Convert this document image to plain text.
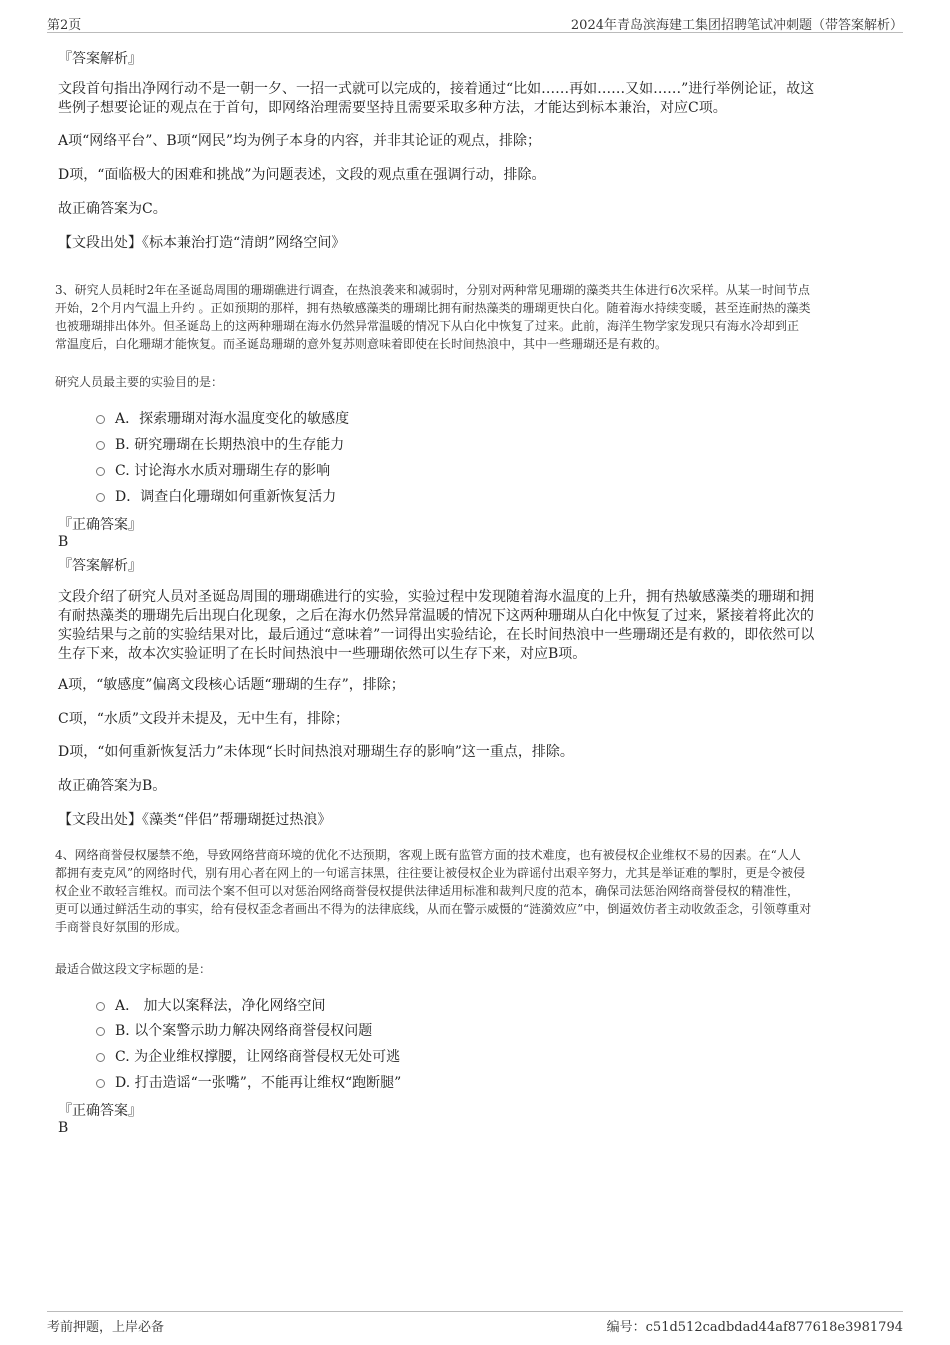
第2页	2024年青岛滨海建工集团招聘笔试冲刺题（带答案解析）
『答案解析』
文段首句指出净网行动不是一朝一夕、一招一式就可以完成的，接着通过“比如……再如……又如……”进行举例论证，故这
些例子想要论证的观点在于首句，即网络治理需要坚持且需要采取多种方法，才能达到标本兼治，对应C项。
A项“网络平台”、B项“网民”均为例子本身的内容，并非其论证的观点，排除；
D项，“面临极大的困难和挑战”为问题表述，文段的观点重在强调行动，排除。
故正确答案为C。
【文段出处】《标本兼治打造“清朗”网络空间》
3、研究人员耗时2年在圣诞岛周围的珊瑚礁进行调查，在热浪袭来和减弱时，分别对两种常见珊瑚的藻类共生体进行6次采样。从某一时间节点
开始，2个月内气温上升约 。正如预期的那样，拥有热敏感藻类的珊瑚比拥有耐热藻类的珊瑚更快白化。随着海水持续变暖，甚至连耐热的藻类
也被珊瑚排出体外。但圣诞岛上的这两种珊瑚在海水仍然异常温暖的情况下从白化中恢复了过来。此前，海洋生物学家发现只有海水冷却到正
常温度后，白化珊瑚才能恢复。而圣诞岛珊瑚的意外复苏则意味着即使在长时间热浪中，其中一些珊瑚还是有救的。
研究人员最主要的实验目的是：
A．探索珊瑚对海水温度变化的敏感度
B. 研究珊瑚在长期热浪中的生存能力
C. 讨论海水水质对珊瑚生存的影响
D．调查白化珊瑚如何重新恢复活力
『正确答案』
B
『答案解析』
文段介绍了研究人员对圣诞岛周围的珊瑚礁进行的实验，实验过程中发现随着海水温度的上升，拥有热敏感藻类的珊瑚和拥
有耐热藻类的珊瑚先后出现白化现象，之后在海水仍然异常温暖的情况下这两种珊瑚从白化中恢复了过来，紧接着将此次的
实验结果与之前的实验结果对比，最后通过“意味着”一词得出实验结论，在长时间热浪中一些珊瑚还是有救的，即依然可以
生存下来，故本次实验证明了在长时间热浪中一些珊瑚依然可以生存下来，对应B项。
A项，“敏感度”偏离文段核心话题“珊瑚的生存”，排除；
C项，“水质”文段并未提及，无中生有，排除；
D项，“如何重新恢复活力”未体现“长时间热浪对珊瑚生存的影响”这一重点，排除。
故正确答案为B。
【文段出处】《藻类“伴侣”帮珊瑚挺过热浪》
4、网络商誉侵权屡禁不绝，导致网络营商环境的优化不达预期，客观上既有监管方面的技术难度，也有被侵权企业维权不易的因素。在“人人
都拥有麦克风”的网络时代，别有用心者在网上的一句谣言抹黑，往往要让被侵权企业为辟谣付出艰辛努力，尤其是举证难的掣肘，更是令被侵
权企业不敢轻言维权。而司法个案不但可以对惩治网络商誉侵权提供法律适用标准和裁判尺度的范本，确保司法惩治网络商誉侵权的精准性，
更可以通过鲜活生动的事实，给有侵权歪念者画出不得为的法律底线，从而在警示威慑的“涟漪效应”中，倒逼效仿者主动收敛歪念，引领尊重对
手商誉良好氛围的形成。
最适合做这段文字标题的是：
A． 加大以案释法，净化网络空间
B. 以个案警示助力解决网络商誉侵权问题
C. 为企业维权撑腰，让网络商誉侵权无处可逃
D. 打击造谣“一张嘴”，不能再让维权“跑断腿”
『正确答案』
B
考前押题，上岸必备	编号：c51d512cadbdad44af877618e3981794
